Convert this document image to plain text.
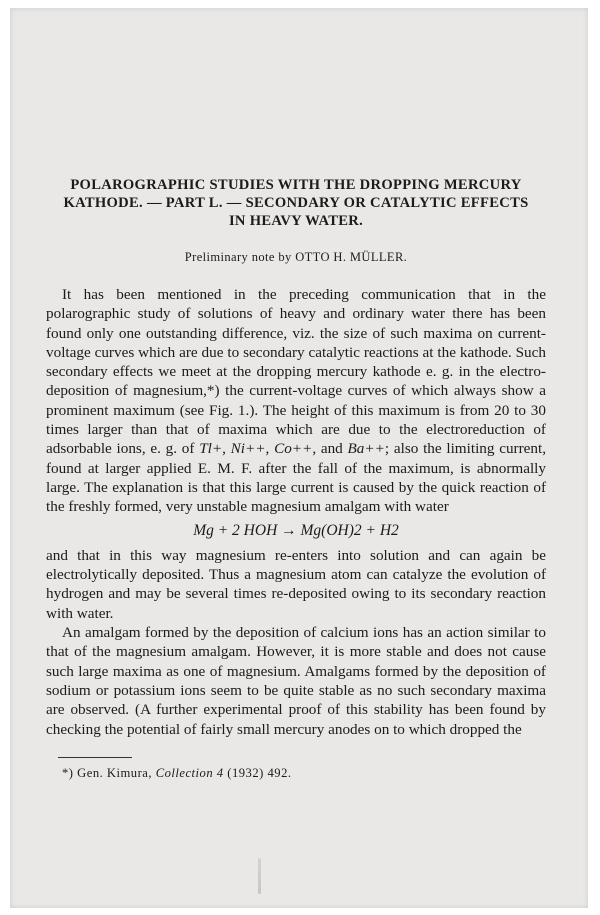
POLAROGRAPHIC STUDIES WITH THE DROPPING MERCURY
KATHODE. — PART L. — SECONDARY OR CATALYTIC EFFECTS
IN HEAVY WATER.
Preliminary note by OTTO H. MÜLLER.

It has been mentioned in the preceding communication that in the polarographic study of solutions of heavy and ordinary water there has been found only one outstanding difference, viz. the size of such maxima on current-voltage curves which are due to secondary catalytic reactions at the kathode. Such secondary effects we meet at the dropping mercury kathode e. g. in the electro-deposition of magnesium,*) the current-voltage curves of which always show a prominent maximum (see Fig. 1.). The height of this maximum is from 20 to 30 times larger than that of maxima which are due to the electroreduction of adsorbable ions, e. g. of Tl+, Ni++, Co++, and Ba++; also the limiting current, found at larger applied E. M. F. after the fall of the maximum, is abnormally large. The explanation is that this large current is caused by the quick reaction of the freshly formed, very unstable magnesium amalgam with water

Mg + 2 HOH → Mg(OH)2 + H2

and that in this way magnesium re-enters into solution and can again be electrolytically deposited. Thus a magnesium atom can catalyze the evolution of hydrogen and may be several times re-deposited owing to its secondary reaction with water.

An amalgam formed by the deposition of calcium ions has an action similar to that of the magnesium amalgam. However, it is more stable and does not cause such large maxima as one of magnesium. Amalgams formed by the deposition of sodium or potassium ions seem to be quite stable as no such secondary maxima are observed. (A further experimental proof of this stability has been found by checking the potential of fairly small mercury anodes on to which dropped the

*) Gen. Kimura, Collection 4 (1932) 492.
